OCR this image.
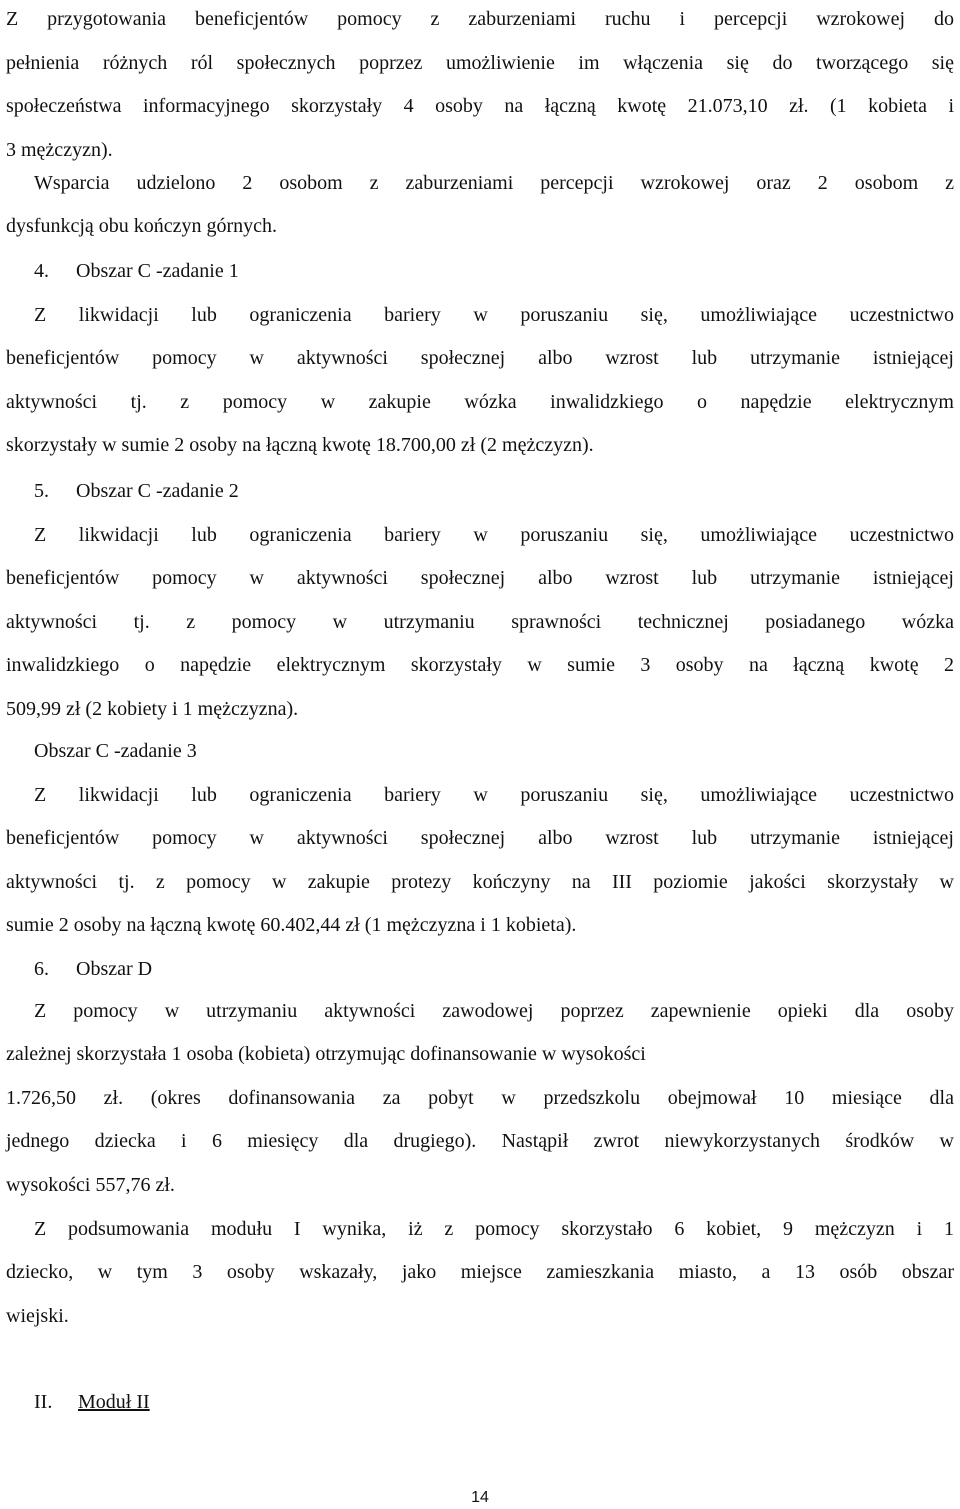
Z przygotowania beneficjentów pomocy z zaburzeniami ruchu i percepcji wzrokowej do
pełnienia różnych ról społecznych poprzez umożliwienie im włączenia się do tworzącego się
społeczeństwa informacyjnego skorzystały 4 osoby na łączną kwotę 21.073,10 zł. (1 kobieta i
3 mężczyzn).
Wsparcia udzielono 2 osobom z zaburzeniami percepcji wzrokowej oraz 2 osobom z
dysfunkcją obu kończyn górnych.
4. Obszar C -zadanie 1
Z likwidacji lub ograniczenia bariery w poruszaniu się, umożliwiające uczestnictwo
beneficjentów pomocy w aktywności społecznej albo wzrost lub utrzymanie istniejącej
aktywności tj. z pomocy w zakupie wózka inwalidzkiego o napędzie elektrycznym
skorzystały w sumie 2 osoby na łączną kwotę 18.700,00 zł (2 mężczyzn).
5. Obszar C -zadanie 2
Z likwidacji lub ograniczenia bariery w poruszaniu się, umożliwiające uczestnictwo
beneficjentów pomocy w aktywności społecznej albo wzrost lub utrzymanie istniejącej
aktywności tj. z pomocy w utrzymaniu sprawności technicznej posiadanego wózka
inwalidzkiego o napędzie elektrycznym skorzystały w sumie 3 osoby na łączną kwotę 2
509,99 zł (2 kobiety i 1 mężczyzna).
Obszar C -zadanie 3
Z likwidacji lub ograniczenia bariery w poruszaniu się, umożliwiające uczestnictwo
beneficjentów pomocy w aktywności społecznej albo wzrost lub utrzymanie istniejącej
aktywności tj. z pomocy w zakupie protezy kończyny na III poziomie jakości skorzystały w
sumie 2 osoby na łączną kwotę 60.402,44 zł (1 mężczyzna i 1 kobieta).
6. Obszar D
Z pomocy w utrzymaniu aktywności zawodowej poprzez zapewnienie opieki dla osoby
zależnej skorzystała 1 osoba (kobieta) otrzymując dofinansowanie w wysokości
1.726,50 zł. (okres dofinansowania za pobyt w przedszkolu obejmował 10 miesiące dla
jednego dziecka i 6 miesięcy dla drugiego). Nastąpił zwrot niewykorzystanych środków w
wysokości 557,76 zł.
Z podsumowania modułu I wynika, iż z pomocy skorzystało 6 kobiet, 9 mężczyzn i 1
dziecko, w tym 3 osoby wskazały, jako miejsce zamieszkania miasto, a 13 osób obszar
wiejski.
II. Moduł II
14
